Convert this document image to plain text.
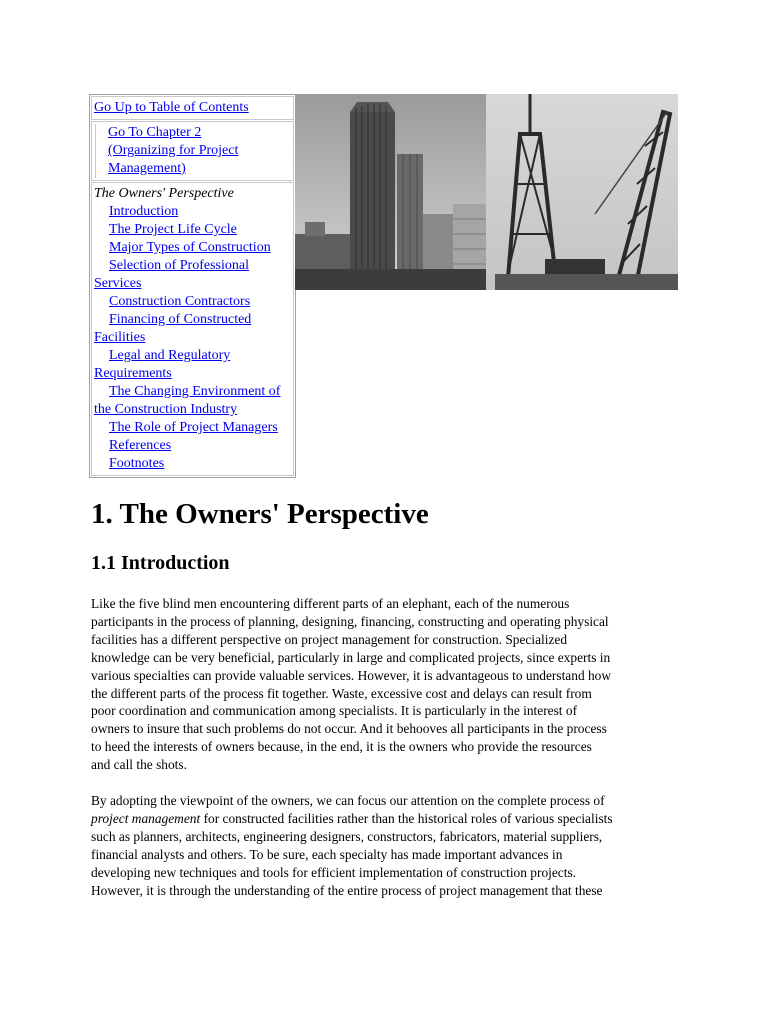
Go Up to Table of Contents
Go To Chapter 2
(Organizing for Project
Management)
The Owners' Perspective
Introduction
The Project Life Cycle
Major Types of Construction
Selection of Professional Services
Construction Contractors
Financing of Constructed Facilities
Legal and Regulatory Requirements
The Changing Environment of the Construction Industry
The Role of Project Managers
References
Footnotes
1. The Owners' Perspective
1.1 Introduction

Like the five blind men encountering different parts of an elephant, each of the numerous
participants in the process of planning, designing, financing, constructing and operating physical
facilities has a different perspective on project management for construction. Specialized
knowledge can be very beneficial, particularly in large and complicated projects, since experts in
various specialties can provide valuable services. However, it is advantageous to understand how
the different parts of the process fit together. Waste, excessive cost and delays can result from
poor coordination and communication among specialists. It is particularly in the interest of
owners to insure that such problems do not occur. And it behooves all participants in the process
to heed the interests of owners because, in the end, it is the owners who provide the resources
and call the shots.

By adopting the viewpoint of the owners, we can focus our attention on the complete process of
project management for constructed facilities rather than the historical roles of various specialists
such as planners, architects, engineering designers, constructors, fabricators, material suppliers,
financial analysts and others. To be sure, each specialty has made important advances in
developing new techniques and tools for efficient implementation of construction projects.
However, it is through the understanding of the entire process of project management that these
